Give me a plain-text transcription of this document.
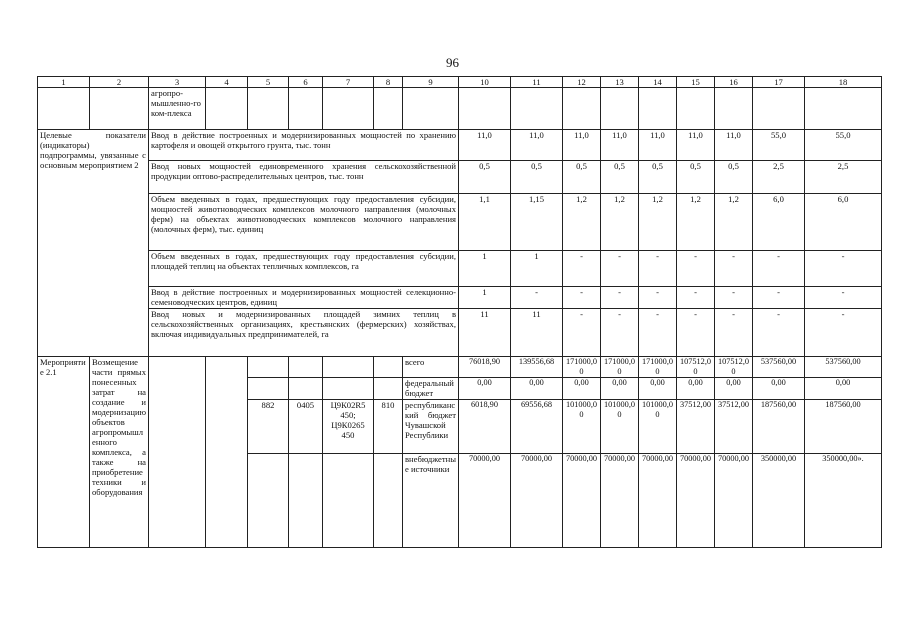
96
1	2	3	4	5	6	7	8	9	10	11	12	13	14	15	16	17	18
		агропро-мышленно-го ком-плекса															
Целевые показатели (индикаторы) подпрограммы, увязанные с основным мероприятием 2		Ввод в действие построенных и модернизированных мощностей по хранению картофеля и овощей открытого грунта, тыс. тонн							11,0	11,0	11,0	11,0	11,0	11,0	11,0	55,0	55,0
		Ввод новых мощностей единовременного хранения сельскохозяйственной продукции оптово-распределительных центров, тыс. тонн							0,5	0,5	0,5	0,5	0,5	0,5	0,5	2,5	2,5
		Объем введенных в годах, предшествующих году предоставления субсидии, мощностей животноводческих комплексов молочного направления (молочных ферм) на объектах животноводческих комплексов молочного направления (молочных ферм), тыс. единиц							1,1	1,15	1,2	1,2	1,2	1,2	1,2	6,0	6,0
		Объем введенных в годах, предшествующих году предоставления субсидии, площадей теплиц на объектах тепличных комплексов, га							1	1	-	-	-	-	-	-	-
		Ввод в действие построенных и модернизированных мощностей селекционно-семеноводческих центров, единиц							1	-	-	-	-	-	-	-	-
		Ввод новых и модернизированных площадей зимних теплиц в сельскохозяйственных организациях, крестьянских (фермерских) хозяйствах, включая индивидуальных предпринимателей, га							11	11	-	-	-	-	-	-	-
Мероприятие 2.1	Возмещение части прямых понесенных затрат на создание и модернизацию объектов агропромышленного комплекса, а также на приобретение техники и оборудования							всего	76018,90	139556,68	171000,00	171000,00	171000,00	107512,00	107512,00	537560,00	537560,00
								федеральный бюджет	0,00	0,00	0,00	0,00	0,00	0,00	0,00	0,00	0,00
				882	0405	Ц9К02R5 450; Ц9К0265 450	810	республиканский бюджет Чувашской Республики	6018,90	69556,68	101000,00	101000,00	101000,00	37512,00	37512,00	187560,00	187560,00
								внебюджетные источники	70000,00	70000,00	70000,00	70000,00	70000,00	70000,00	70000,00	350000,00	350000,00».
